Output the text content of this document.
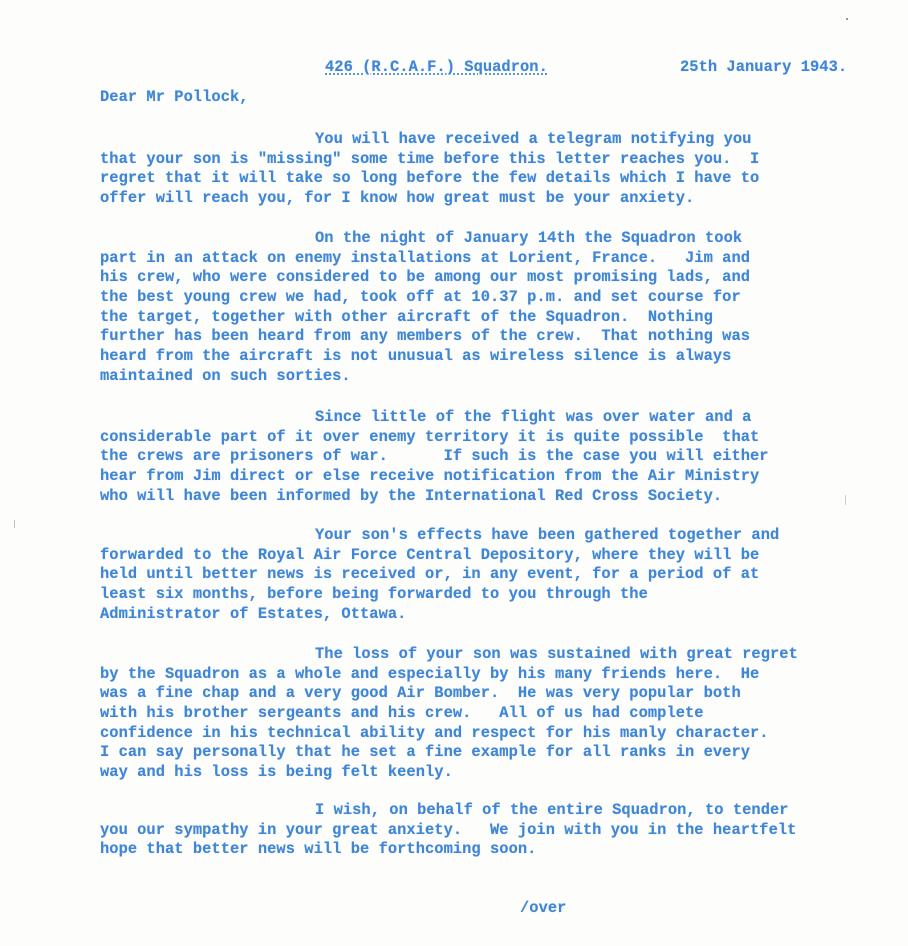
426 (R.C.A.F.) Squadron.	25th January 1943.
Dear Mr Pollock,
You will have received a telegram notifying you
that your son is "missing" some time before this letter reaches you.  I
regret that it will take so long before the few details which I have to
offer will reach you, for I know how great must be your anxiety.
On the night of January 14th the Squadron took
part in an attack on enemy installations at Lorient, France.   Jim and
his crew, who were considered to be among our most promising lads, and
the best young crew we had, took off at 10.37 p.m. and set course for
the target, together with other aircraft of the Squadron.  Nothing
further has been heard from any members of the crew.  That nothing was
heard from the aircraft is not unusual as wireless silence is always
maintained on such sorties.
Since little of the flight was over water and a
considerable part of it over enemy territory it is quite possible  that
the crews are prisoners of war.      If such is the case you will either
hear from Jim direct or else receive notification from the Air Ministry
who will have been informed by the International Red Cross Society.
Your son's effects have been gathered together and
forwarded to the Royal Air Force Central Depository, where they will be
held until better news is received or, in any event, for a period of at
least six months, before being forwarded to you through the
Administrator of Estates, Ottawa.
The loss of your son was sustained with great regret
by the Squadron as a whole and especially by his many friends here.  He
was a fine chap and a very good Air Bomber.  He was very popular both
with his brother sergeants and his crew.   All of us had complete
confidence in his technical ability and respect for his manly character.
I can say personally that he set a fine example for all ranks in every
way and his loss is being felt keenly.
I wish, on behalf of the entire Squadron, to tender
you our sympathy in your great anxiety.   We join with you in the heartfelt
hope that better news will be forthcoming soon.
/over
